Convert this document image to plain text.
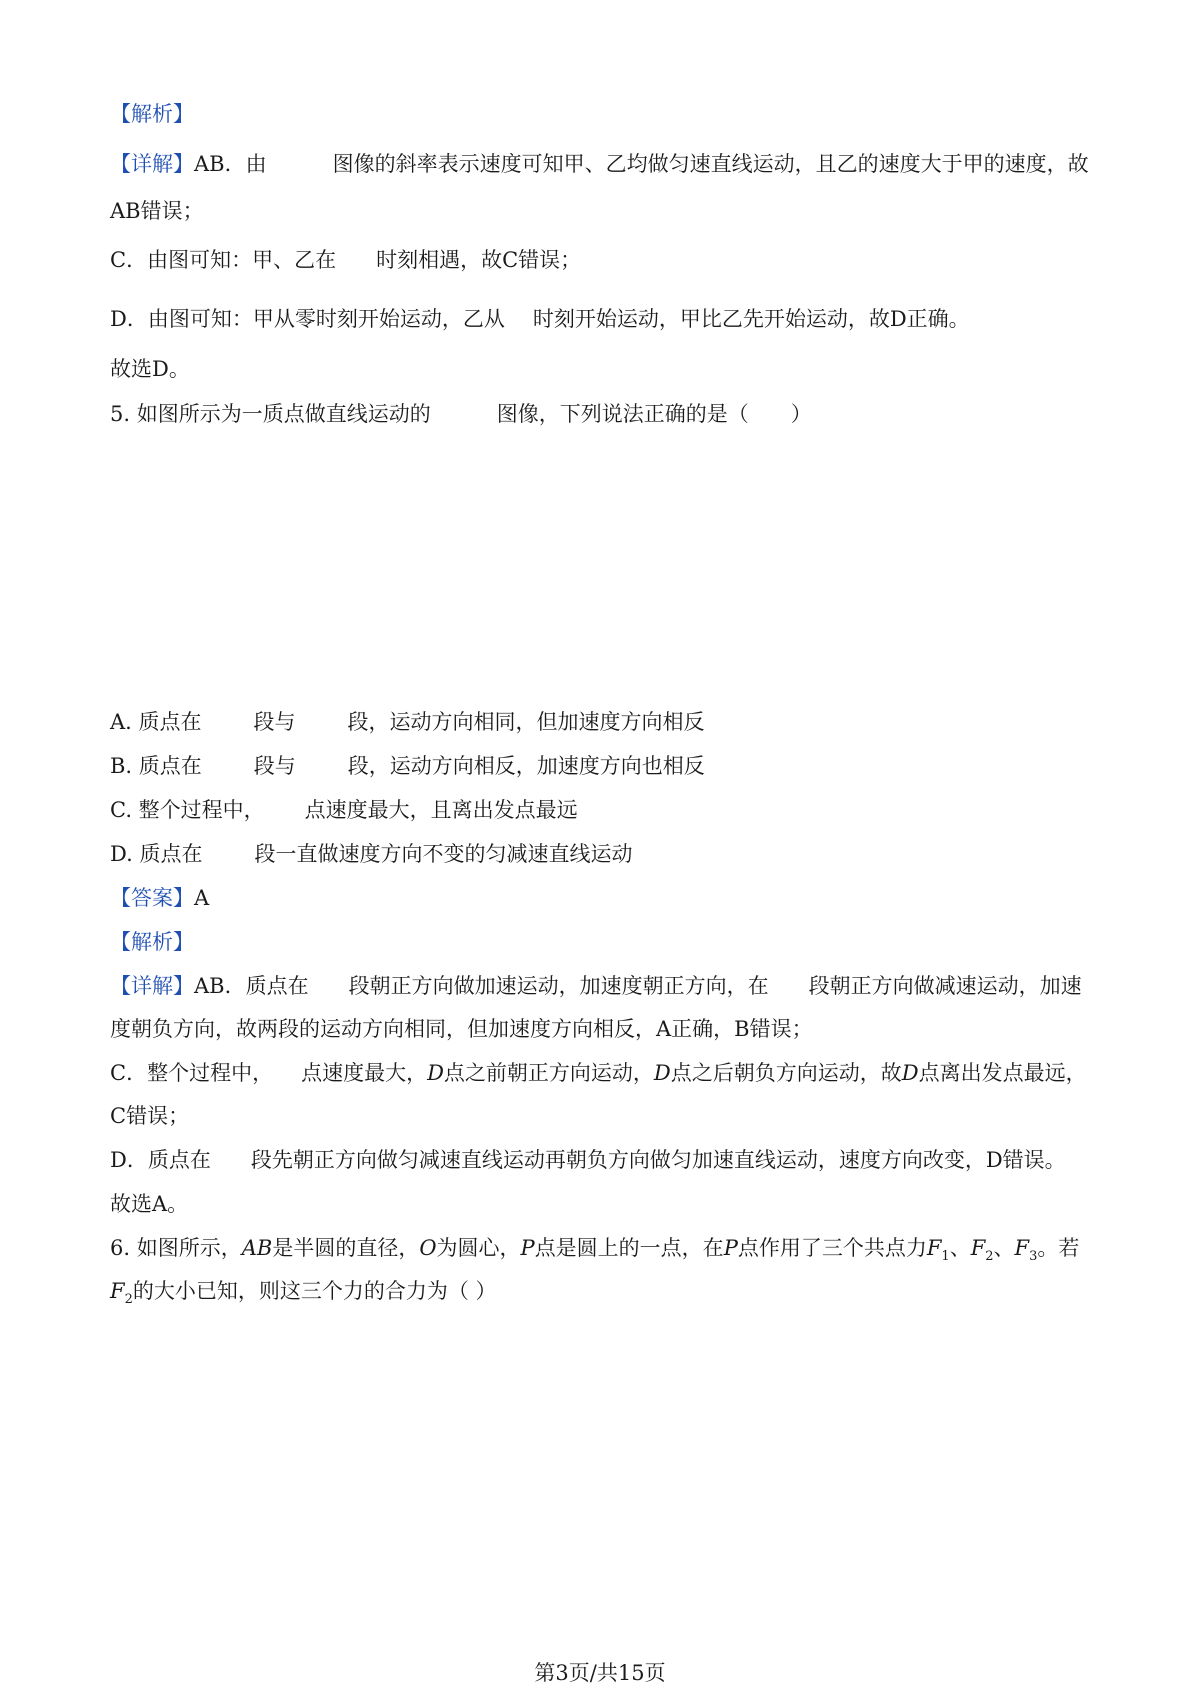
【解析】
【详解】AB．由	图像的斜率表示速度可知甲、乙均做匀速直线运动，且乙的速度大于甲的速度，故
AB错误；
C．由图可知：甲、乙在 时刻相遇，故C错误；
D．由图可知：甲从零时刻开始运动，乙从 时刻开始运动，甲比乙先开始运动，故D正确。
故选D。
5. 如图所示为一质点做直线运动的	图像，下列说法正确的是（　　）
A. 质点在 段与 段，运动方向相同，但加速度方向相反
B. 质点在 段与 段，运动方向相反，加速度方向也相反
C. 整个过程中， 点速度最大，且离出发点最远
D. 质点在 段一直做速度方向不变的匀减速直线运动
【答案】A
【解析】
【详解】AB．质点在 段朝正方向做加速运动，加速度朝正方向，在 段朝正方向做减速运动，加速
度朝负方向，故两段的运动方向相同，但加速度方向相反，A正确，B错误；
C．整个过程中， 点速度最大，D点之前朝正方向运动，D点之后朝负方向运动，故D点离出发点最远，
C错误；
D．质点在 段先朝正方向做匀减速直线运动再朝负方向做匀加速直线运动，速度方向改变，D错误。
故选A。
6. 如图所示，AB是半圆的直径，O为圆心，P点是圆上的一点，在P点作用了三个共点力$F_1$、$F_2$、$F_3$。若
$F_2$的大小已知，则这三个力的合力为（ ）
第3页/共15页
